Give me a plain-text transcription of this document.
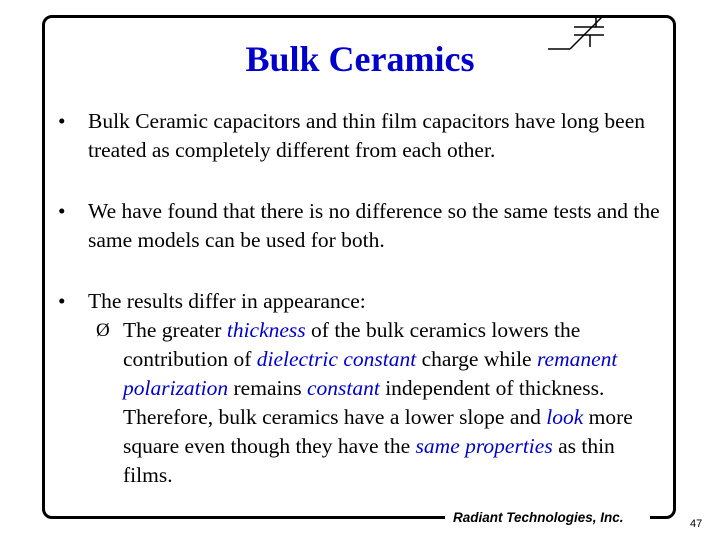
Bulk Ceramics
•	Bulk Ceramic capacitors and thin film capacitors have long been treated as completely different from each other.
•	We have found that there is no difference so the same tests and the same models can be used for both.
•	The results differ in appearance:
Ø The greater thickness of the bulk ceramics lowers the contribution of dielectric constant charge while remanent polarization remains constant independent of thickness. Therefore, bulk ceramics have a lower slope and look more square even though they have the same properties as thin films.
Radiant Technologies, Inc.	47
